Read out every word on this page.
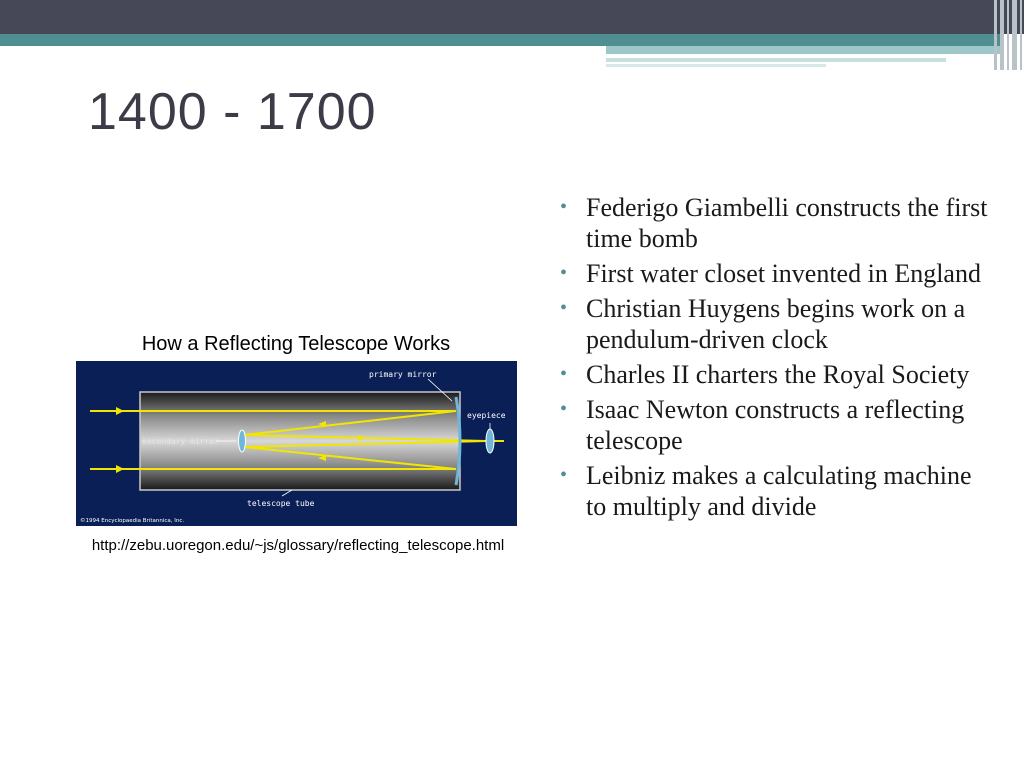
1400 - 1700
How a Reflecting Telescope Works
primary mirror
eyepiece
secondary mirror
telescope tube
©1994 Encyclopaedia Britannica, Inc.
http://zebu.uoregon.edu/~js/glossary/reflecting_telescope.html
• Federigo Giambelli constructs the first time bomb
• First water closet invented in England
• Christian Huygens begins work on a pendulum-driven clock
• Charles II charters the Royal Society
• Isaac Newton constructs a reflecting telescope
• Leibniz makes a calculating machine to multiply and divide
